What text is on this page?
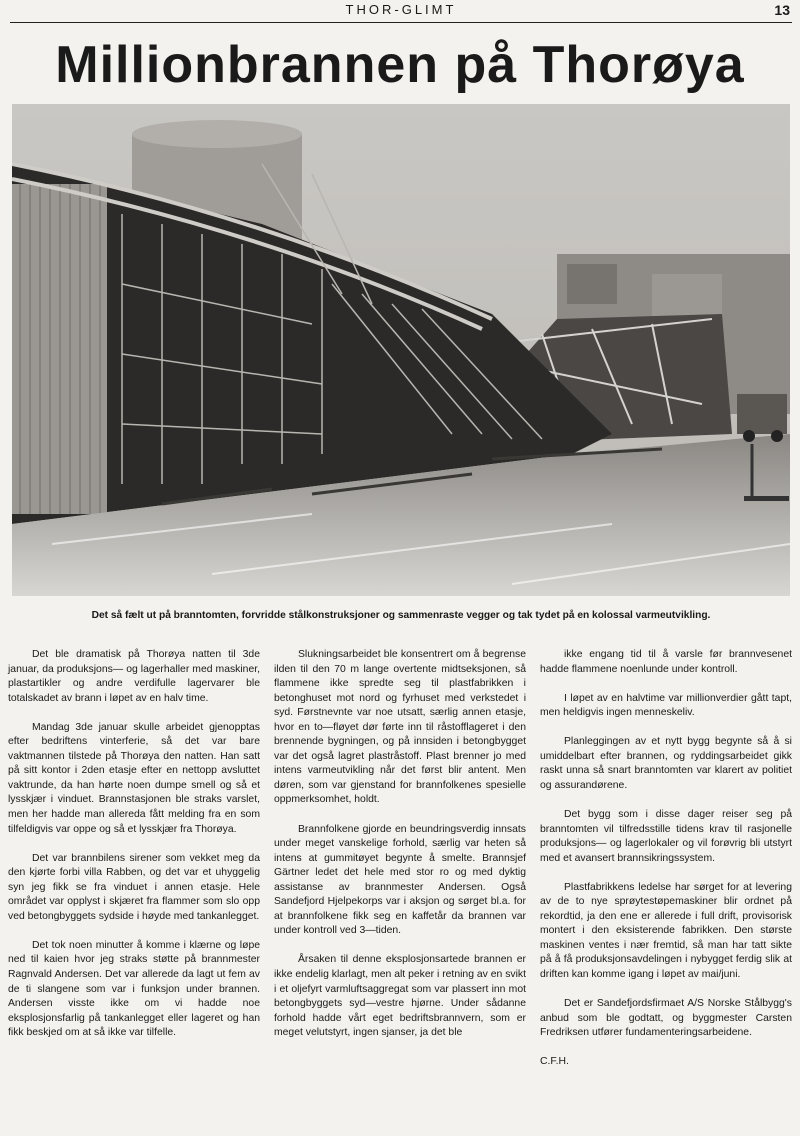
THOR-GLIMT	13
Millionbrannen på Thorøya
Det så fælt ut på branntomten, forvridde stålkonstruksjoner og sammenraste vegger og tak tydet på en kolossal varmeutvikling.

Det ble dramatisk på Thorøya natten til 3de januar, da produksjons— og lagerhaller med maskiner, plastartikler og andre verdifulle lagervarer ble totalskadet av brann i løpet av en halv time.

Mandag 3de januar skulle arbeidet gjenopptas efter bedriftens vinterferie, så det var bare vaktmannen tilstede på Thorøya den natten. Han satt på sitt kontor i 2den etasje efter en nettopp avsluttet vaktrunde, da han hørte noen dumpe smell og så et lysskjær i vinduet. Brannstasjonen ble straks varslet, men her hadde man allereda fått melding fra en som tilfeldigvis var oppe og så et lysskjær fra Thorøya.

Det var brannbilens sirener som vekket meg da den kjørte forbi villa Rabben, og det var et uhyggelig syn jeg fikk se fra vinduet i annen etasje. Hele området var opplyst i skjæret fra flammer som slo opp ved betongbyggets sydside i høyde med tankanlegget.

Det tok noen minutter å komme i klærne og løpe ned til kaien hvor jeg straks støtte på brannmester Ragnvald Andersen. Det var allerede da lagt ut fem av de ti slangene som var i funksjon under brannen. Andersen visste ikke om vi hadde noe eksplosjonsfarlig på tankanlegget eller lageret og han fikk beskjed om at så ikke var tilfelle.

Slukningsarbeidet ble konsentrert om å begrense ilden til den 70 m lange overtente midtseksjonen, så flammene ikke spredte seg til plastfabrikken i betonghuset mot nord og fyrhuset med verkstedet i syd. Førstnevnte var noe utsatt, særlig annen etasje, hvor en to—fløyet dør førte inn til råstofflageret i den brennende bygningen, og på innsiden i betongbygget var det også lagret plastråstoff. Plast brenner jo med intens varmeutvikling når det først blir antent. Men døren, som var gjenstand for brannfolkenes spesielle oppmerksomhet, holdt.

Brannfolkene gjorde en beundringsverdig innsats under meget vanskelige forhold, særlig var heten så intens at gummitøyet begynte å smelte. Brannsjef Gärtner ledet det hele med stor ro og med dyktig assistanse av brannmester Andersen. Også Sandefjord Hjelpekorps var i aksjon og sørget bl.a. for at brannfolkene fikk seg en kaffetår da brannen var under kontroll ved 3—tiden.

Årsaken til denne eksplosjonsartede brannen er ikke endelig klarlagt, men alt peker i retning av en svikt i et oljefyrt varmluftsaggregat som var plassert inn mot betongbyggets syd—vestre hjørne. Under sådanne forhold hadde vårt eget bedriftsbrannvern, som er meget velutstyrt, ingen sjanser, ja det ble

ikke engang tid til å varsle før brannvesenet hadde flammene noenlunde under kontroll.

I løpet av en halvtime var millionverdier gått tapt, men heldigvis ingen menneskeliv.

Planleggingen av et nytt bygg begynte så å si umiddelbart efter brannen, og ryddingsarbeidet gikk raskt unna så snart branntomten var klarert av politiet og assurandørene.

Det bygg som i disse dager reiser seg på branntomten vil tilfredsstille tidens krav til rasjonelle produksjons— og lagerlokaler og vil forøvrig bli utstyrt med et avansert brannsikringssystem.

Plastfabrikkens ledelse har sørget for at levering av de to nye sprøytestøpemaskiner blir ordnet på rekordtid, ja den ene er allerede i full drift, provisorisk montert i den eksisterende fabrikken. Den største maskinen ventes i nær fremtid, så man har tatt sikte på å få produksjonsavdelingen i nybygget ferdig slik at driften kan komme igang i løpet av mai/juni.

Det er Sandefjordsfirmaet A/S Norske Stålbygg's anbud som ble godtatt, og byggmester Carsten Fredriksen utfører fundamenteringsarbeidene.

C.F.H.
